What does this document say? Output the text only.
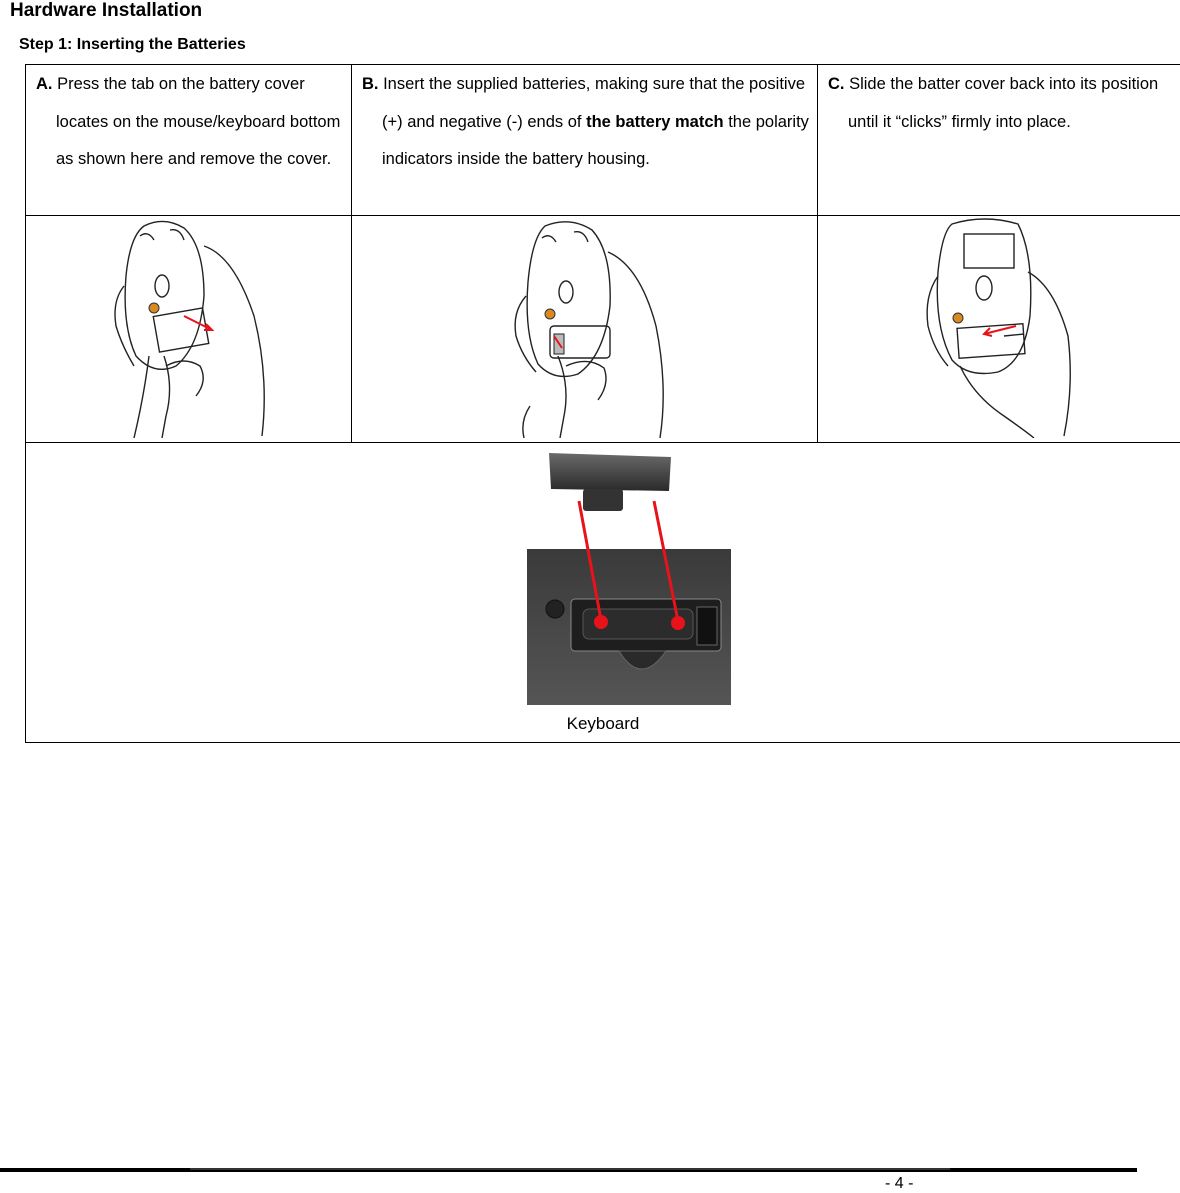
Hardware Installation
Step 1: Inserting the Batteries
A. Press the tab on the battery cover locates on the mouse/keyboard bottom as shown here and remove the cover.	B. Insert the supplied batteries, making sure that the positive (+) and negative (-) ends of the battery match the polarity indicators inside the battery housing.	C. Slide the batter cover back into its position until it “clicks” firmly into place.

Keyboard		
- 4 -
